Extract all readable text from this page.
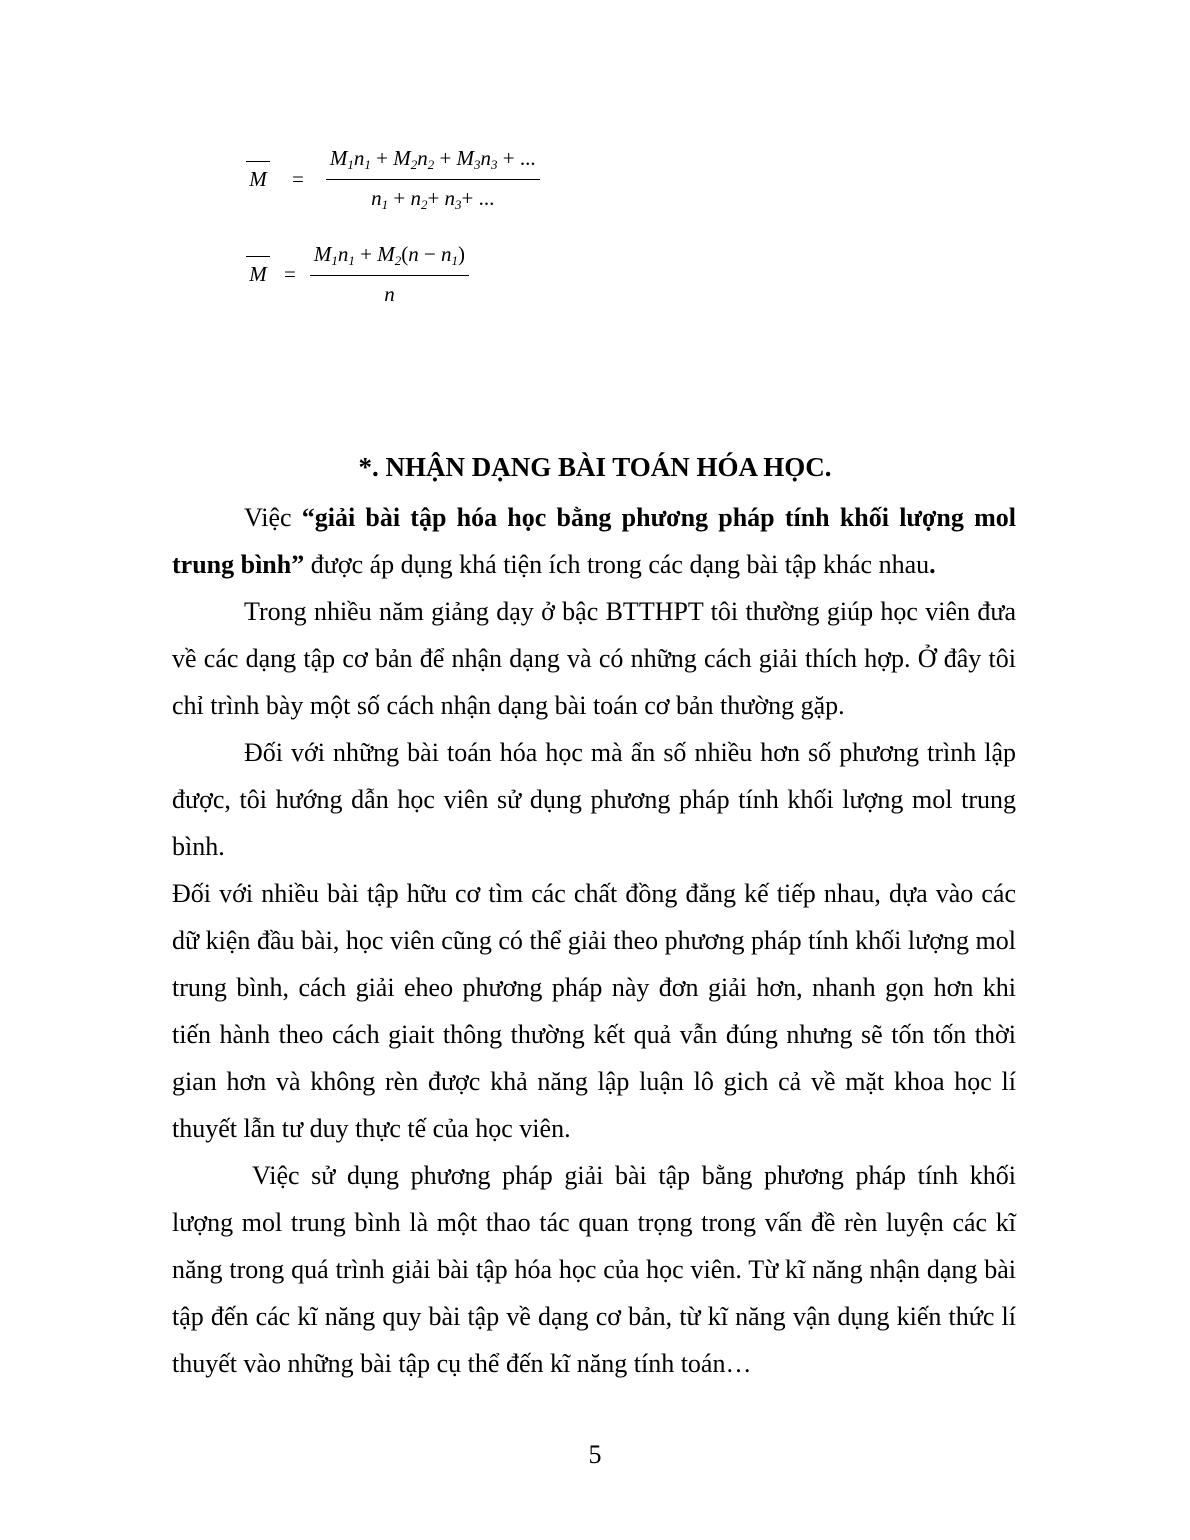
M =
$M_1n_1 + M_2n_2 + M_3n_3$ + ...
$n_1 + n_2+ n_3+$ ...
$M = \frac{M_1n_1 + M_2(n - n_1)}{n}$
*. NHẬN DẠNG BÀI TOÁN HÓA HỌC.

Việc “giải bài tập hóa học bằng phương pháp tính khối lượng mol trung bình” được áp dụng khá tiện ích trong các dạng bài tập khác nhau.

Trong nhiều năm giảng dạy ở bậc BTTHPT tôi thường giúp học viên đưa về các dạng tập cơ bản để nhận dạng và có những cách giải thích hợp. Ở đây tôi chỉ trình bày một số cách nhận dạng bài toán cơ bản thường gặp.

Đối với những bài toán hóa học mà ẩn số nhiều hơn số phương trình lập được, tôi hướng dẫn học viên sử dụng phương pháp tính khối lượng mol trung bình.

Đối với nhiều bài tập hữu cơ tìm các chất đồng đẳng kế tiếp nhau, dựa vào các dữ kiện đầu bài, học viên cũng có thể giải theo phương pháp tính khối lượng mol trung bình, cách giải eheo phương pháp này đơn giải hơn, nhanh gọn hơn khi tiến hành theo cách giait thông thường kết quả vẫn đúng nhưng sẽ tốn tốn thời gian hơn và không rèn được khả năng lập luận lô gich cả về mặt khoa học lí thuyết lẫn tư duy thực tế của học viên.

Việc sử dụng phương pháp giải bài tập bằng phương pháp tính khối lượng mol trung bình là một thao tác quan trọng trong vấn đề rèn luyện các kĩ năng trong quá trình giải bài tập hóa học của học viên. Từ kĩ năng nhận dạng bài tập đến các kĩ năng quy bài tập về dạng cơ bản, từ kĩ năng vận dụng kiến thức lí thuyết vào những bài tập cụ thể đến kĩ năng tính toán…

5
